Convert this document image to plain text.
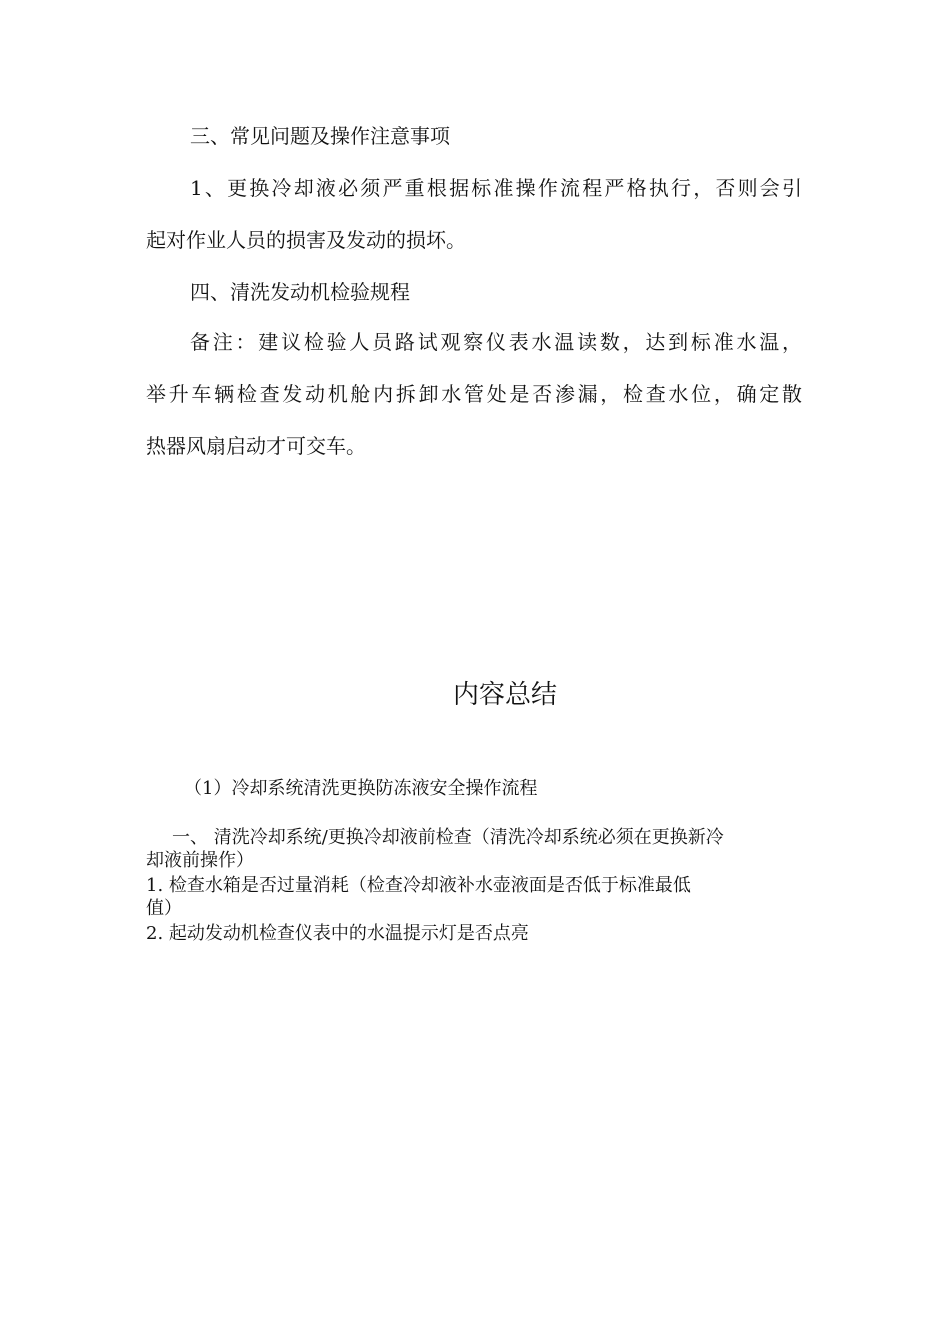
三、常见问题及操作注意事项
1、更换冷却液必须严重根据标准操作流程严格执行，否则会引
起对作业人员的损害及发动的损坏。
四、清洗发动机检验规程
备注：建议检验人员路试观察仪表水温读数，达到标准水温，
举升车辆检查发动机舱内拆卸水管处是否渗漏，检查水位，确定散
热器风扇启动才可交车。
内容总结
（1）冷却系统清洗更换防冻液安全操作流程
一、 清洗冷却系统/更换冷却液前检查（清洗冷却系统必须在更换新冷
却液前操作）
1. 检查水箱是否过量消耗（检查冷却液补水壶液面是否低于标准最低
值）
2. 起动发动机检查仪表中的水温提示灯是否点亮
